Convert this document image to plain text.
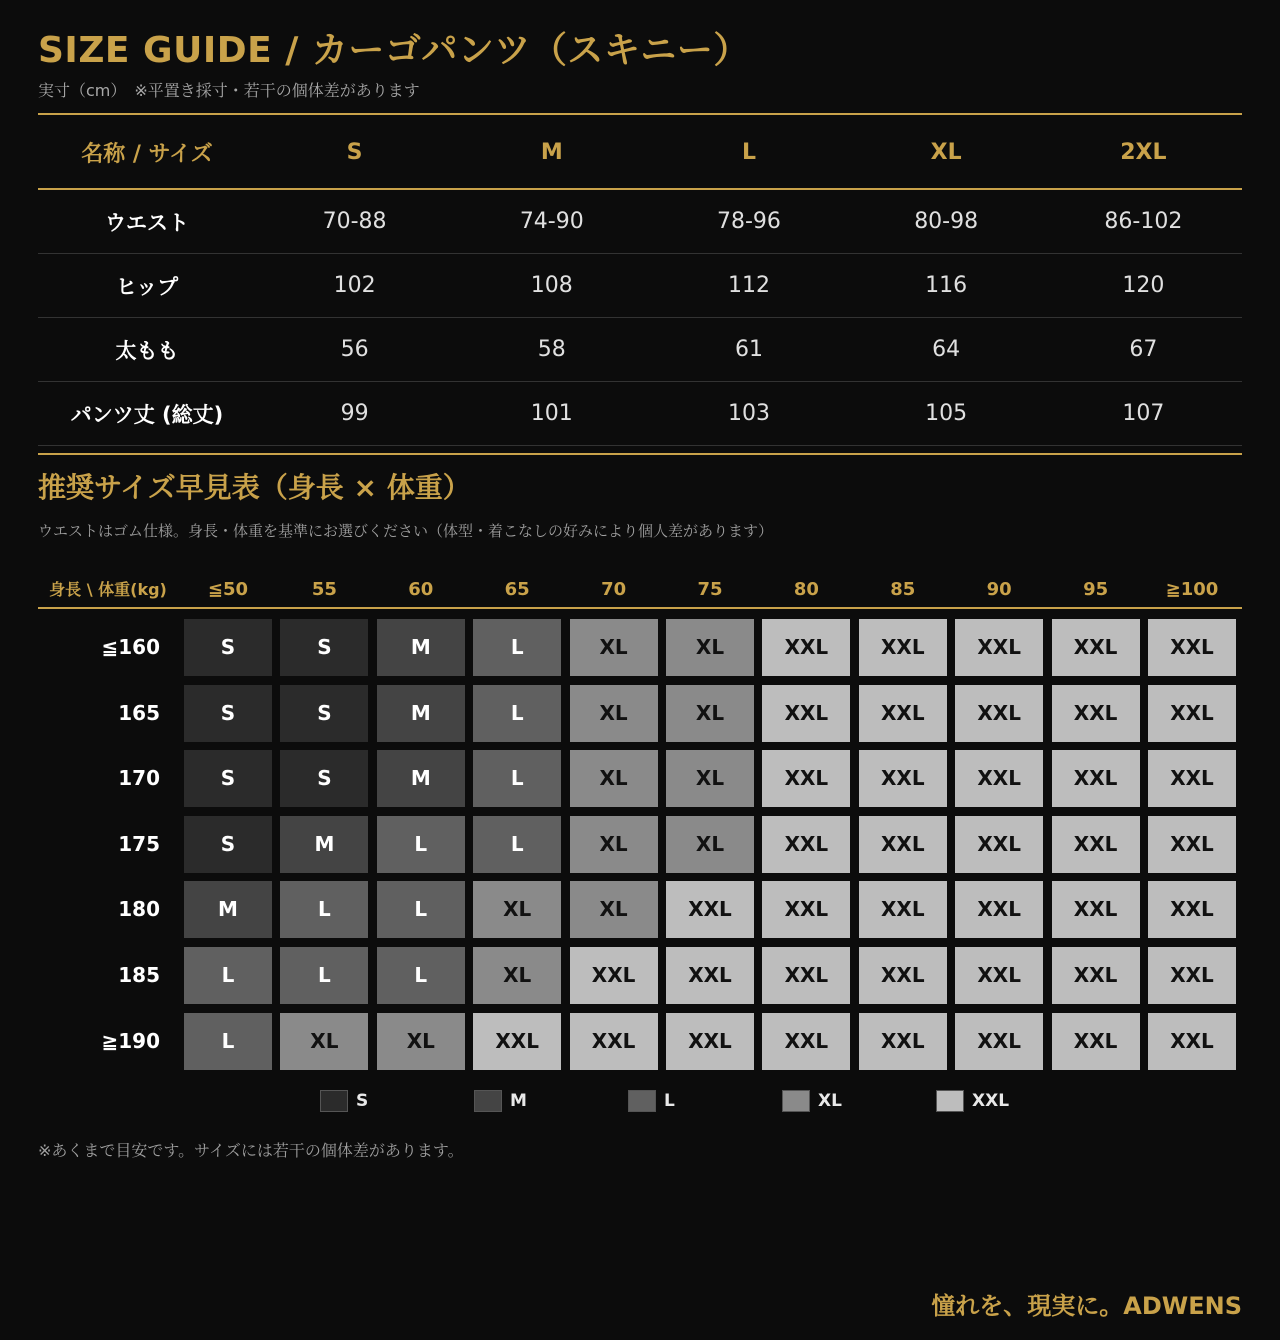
SIZE GUIDE / カーゴパンツ（スキニー）
実寸（cm）　※平置き採寸・若干の個体差があります
名称 / サイズ	S	M	L	XL	2XL
ウエスト	70-88	74-90	78-96	80-98	86-102
ヒップ	102	108	112	116	120
太もも	56	58	61	64	67
パンツ丈 (総丈)	99	101	103	105	107
推奨サイズ早見表（身長 × 体重）
ウエストはゴム仕様。身長・体重を基準にお選びください（体型・着こなしの好みにより個人差があります）
身長 \ 体重(kg)	≦50	55	60	65	70	75	80	85	90	95	≧100
≦160	S	S	M	L	XL	XL	XXL	XXL	XXL	XXL	XXL
165	S	S	M	L	XL	XL	XXL	XXL	XXL	XXL	XXL
170	S	S	M	L	XL	XL	XXL	XXL	XXL	XXL	XXL
175	S	M	L	L	XL	XL	XXL	XXL	XXL	XXL	XXL
180	M	L	L	XL	XL	XXL	XXL	XXL	XXL	XXL	XXL
185	L	L	L	XL	XXL	XXL	XXL	XXL	XXL	XXL	XXL
≧190	L	XL	XL	XXL	XXL	XXL	XXL	XXL	XXL	XXL	XXL
S	M	L	XL	XXL
※あくまで目安です。サイズには若干の個体差があります。
憧れを、現実に。ADWENS
